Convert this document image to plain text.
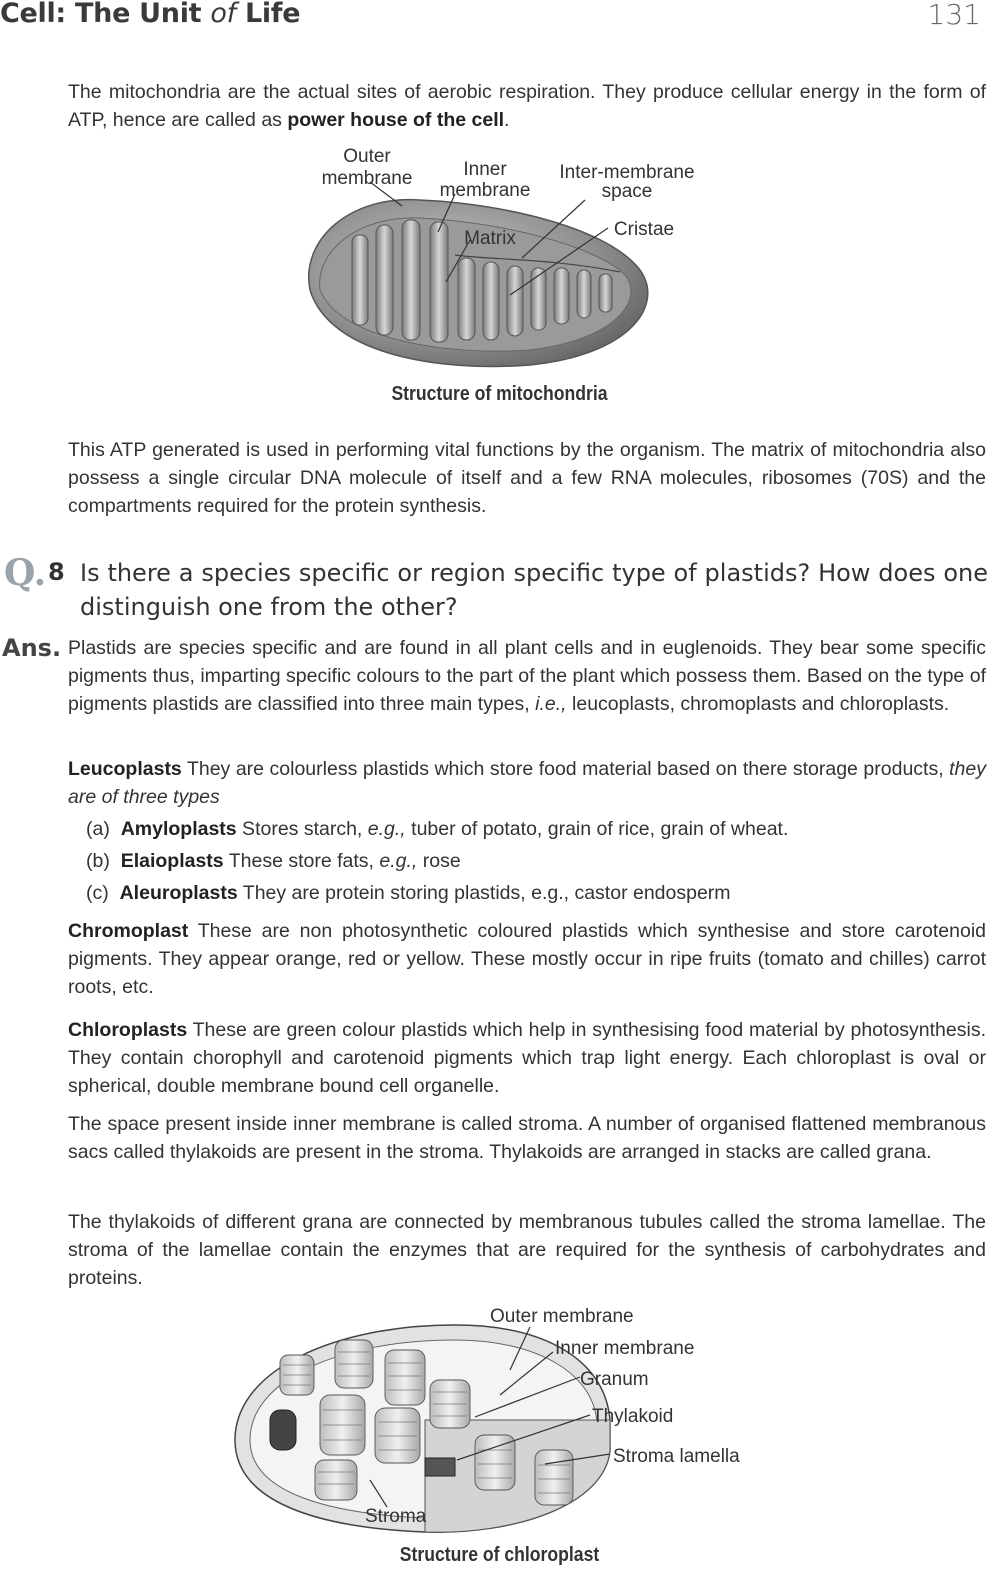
Cell: The Unit of Life	131

The mitochondria are the actual sites of aerobic respiration. They produce cellular energy in the form of ATP, hence are called as power house of the cell.

Outer
membrane	Inner
membrane
Inter-membrane
space
Matrix	Cristae
Structure of mitochondria

This ATP generated is used in performing vital functions by the organism. The matrix of mitochondria also possess a single circular DNA molecule of itself and a few RNA molecules, ribosomes (70S) and the compartments required for the protein synthesis.

Q. 8 Is there a species specific or region specific type of plastids? How does one distinguish one from the other?

Ans. Plastids are species specific and are found in all plant cells and in euglenoids. They bear some specific pigments thus, imparting specific colours to the part of the plant which possess them. Based on the type of pigments plastids are classified into three main types, i.e., leucoplasts, chromoplasts and chloroplasts.

Leucoplasts They are colourless plastids which store food material based on there storage products, they are of three types

(a) Amyloplasts Stores starch, e.g., tuber of potato, grain of rice, grain of wheat.
(b) Elaioplasts These store fats, e.g., rose
(c) Aleuroplasts They are protein storing plastids, e.g., castor endosperm

Chromoplast These are non photosynthetic coloured plastids which synthesise and store carotenoid pigments. They appear orange, red or yellow. These mostly occur in ripe fruits (tomato and chilles) carrot roots, etc.

Chloroplasts These are green colour plastids which help in synthesising food material by photosynthesis. They contain chorophyll and carotenoid pigments which trap light energy. Each chloroplast is oval or spherical, double membrane bound cell organelle.

The space present inside inner membrane is called stroma. A number of organised flattened membranous sacs called thylakoids are present in the stroma. Thylakoids are arranged in stacks are called grana.

The thylakoids of different grana are connected by membranous tubules called the stroma lamellae. The stroma of the lamellae contain the enzymes that are required for the synthesis of carbohydrates and proteins.

Outer membrane
Inner membrane
Granum
Thylakoid
Stroma lamella
Stroma
Structure of chloroplast
